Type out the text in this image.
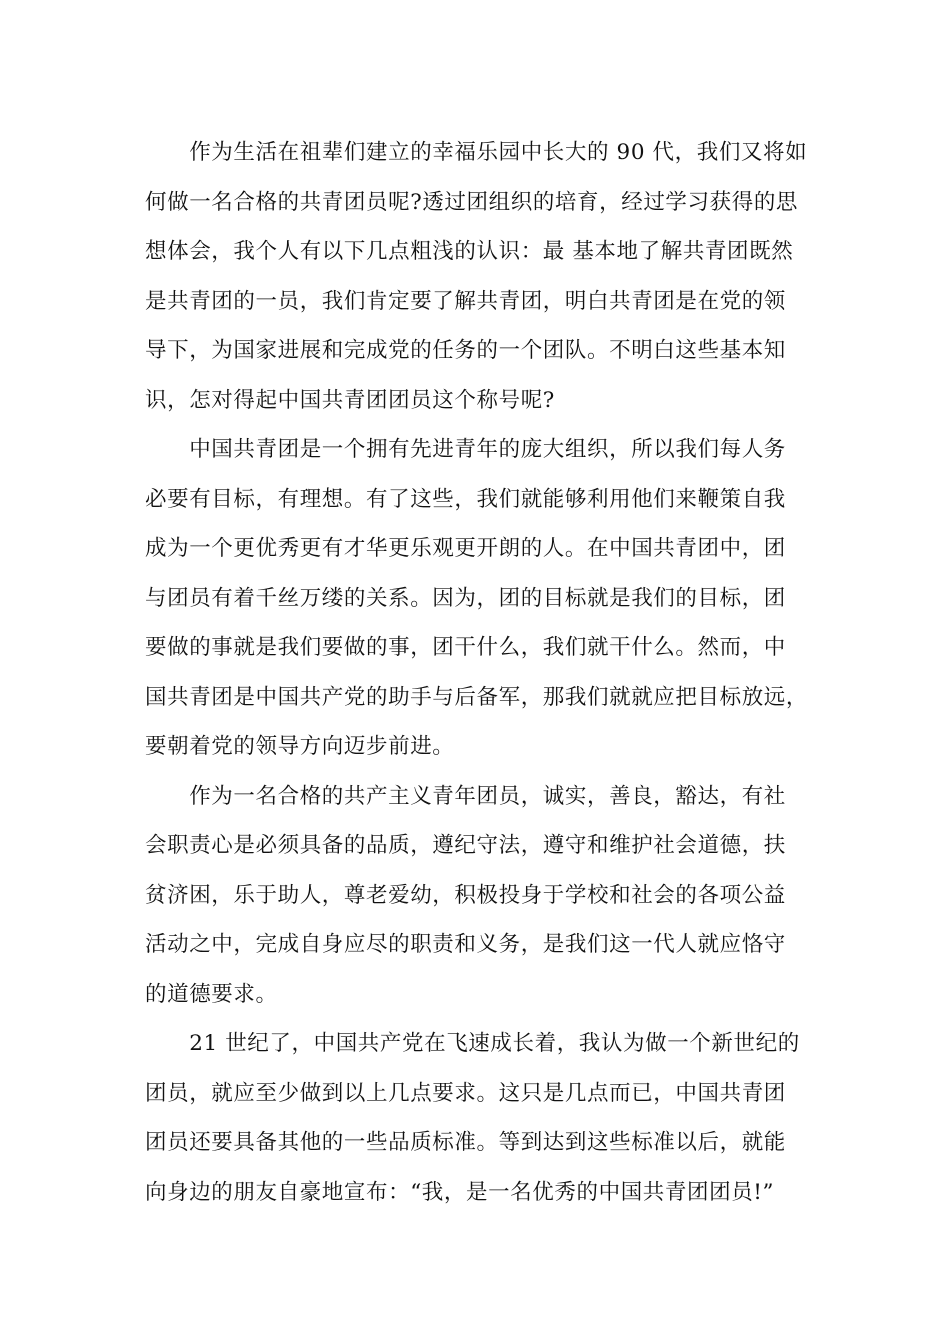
　　作为生活在祖辈们建立的幸福乐园中长大的 90 代，我们又将如
何做一名合格的共青团员呢?透过团组织的培育，经过学习获得的思
想体会，我个人有以下几点粗浅的认识：最 基本地了解共青团既然
是共青团的一员，我们肯定要了解共青团，明白共青团是在党的领
导下，为国家进展和完成党的任务的一个团队。不明白这些基本知
识，怎对得起中国共青团团员这个称号呢?
　　中国共青团是一个拥有先进青年的庞大组织，所以我们每人务
必要有目标，有理想。有了这些，我们就能够利用他们来鞭策自我
成为一个更优秀更有才华更乐观更开朗的人。在中国共青团中，团
与团员有着千丝万缕的关系。因为，团的目标就是我们的目标，团
要做的事就是我们要做的事，团干什么，我们就干什么。然而，中
国共青团是中国共产党的助手与后备军，那我们就就应把目标放远，
要朝着党的领导方向迈步前进。
　　作为一名合格的共产主义青年团员，诚实，善良，豁达，有社
会职责心是必须具备的品质，遵纪守法，遵守和维护社会道德，扶
贫济困，乐于助人，尊老爱幼，积极投身于学校和社会的各项公益
活动之中，完成自身应尽的职责和义务，是我们这一代人就应恪守
的道德要求。
　　21 世纪了，中国共产党在飞速成长着，我认为做一个新世纪的
团员，就应至少做到以上几点要求。这只是几点而已，中国共青团
团员还要具备其他的一些品质标准。等到达到这些标准以后，就能
向身边的朋友自豪地宣布：“我，是一名优秀的中国共青团团员!”
